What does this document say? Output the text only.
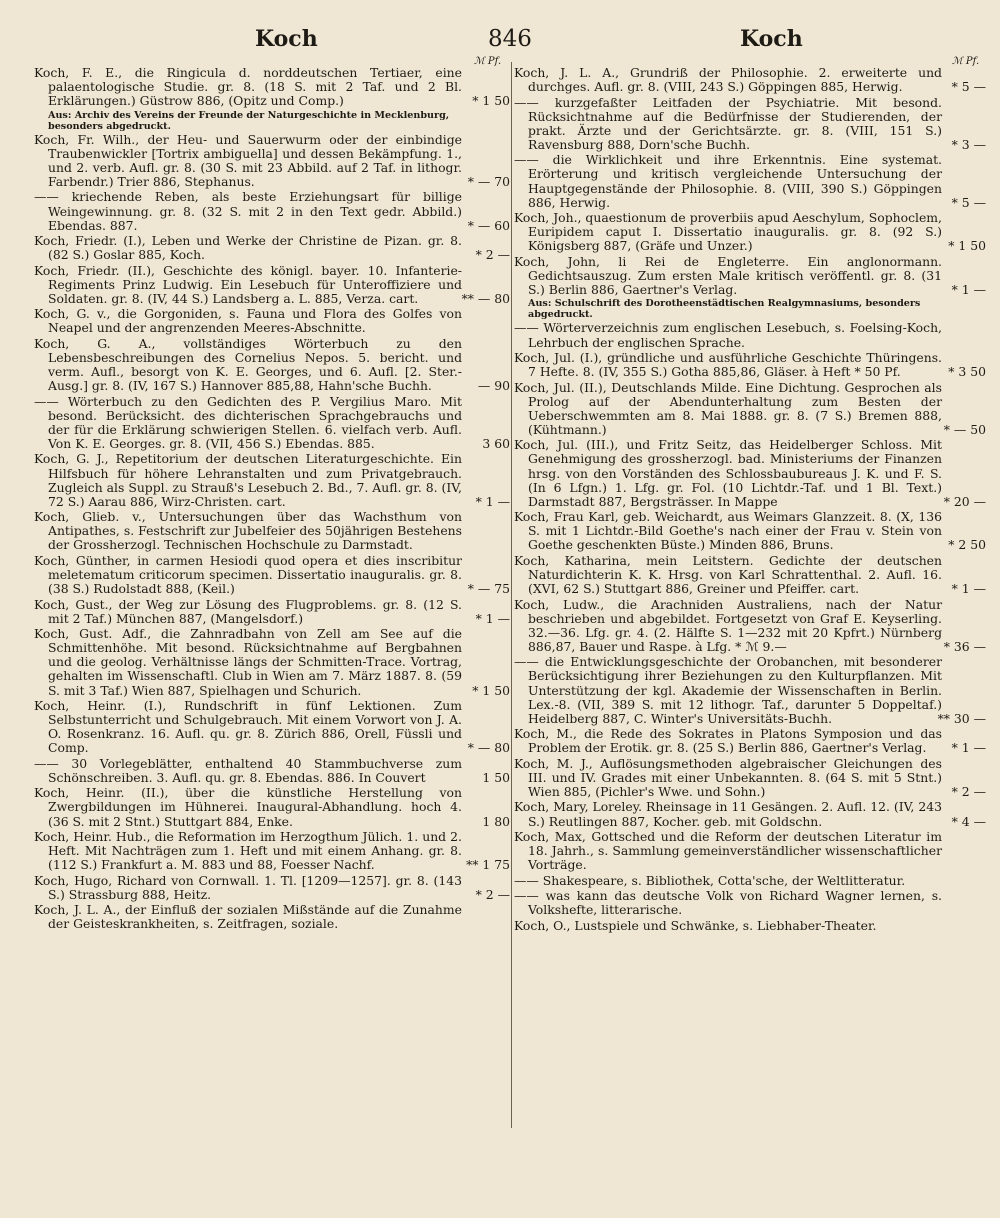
Koch	846	Koch
ℳ Pf.	ℳ Pf.
Koch, F. E., die Ringicula d. norddeutschen Tertiaer, eine palaentologische Studie. gr. 8. (18 S. mit 2 Taf. und 2 Bl. Erklärungen.) Güstrow 886, (Opitz und Comp.)	* 1 50
Aus: Archiv des Vereins der Freunde der Naturgeschichte in Mecklenburg, besonders abgedruckt.
Koch, Fr. Wilh., der Heu- und Sauerwurm oder der einbindige Traubenwickler [Tortrix ambiguella] und dessen Bekämpfung. 1., und 2. verb. Aufl. gr. 8. (30 S. mit 23 Abbild. auf 2 Taf. in lithogr. Farbendr.) Trier 886, Stephanus.	* — 70
—— kriechende Reben, als beste Erziehungsart für billige Weingewinnung. gr. 8. (32 S. mit 2 in den Text gedr. Abbild.) Ebendas. 887.	* — 60
Koch, Friedr. (I.), Leben und Werke der Christine de Pizan. gr. 8. (82 S.) Goslar 885, Koch.	* 2 —
Koch, Friedr. (II.), Geschichte des königl. bayer. 10. Infanterie-Regiments Prinz Ludwig. Ein Lesebuch für Unteroffiziere und Soldaten. gr. 8. (IV, 44 S.) Landsberg a. L. 885, Verza. cart.	** — 80
Koch, G. v., die Gorgoniden, s. Fauna und Flora des Golfes von Neapel und der angrenzenden Meeres-Abschnitte.
Koch, G. A., vollständiges Wörterbuch zu den Lebensbeschreibungen des Cornelius Nepos. 5. bericht. und verm. Aufl., besorgt von K. E. Georges, und 6. Aufl. [2. Ster.-Ausg.] gr. 8. (IV, 167 S.) Hannover 885,88, Hahn'sche Buchh.	— 90
—— Wörterbuch zu den Gedichten des P. Vergilius Maro. Mit besond. Berücksicht. des dichterischen Sprachgebrauchs und der für die Erklärung schwierigen Stellen. 6. vielfach verb. Aufl. Von K. E. Georges. gr. 8. (VII, 456 S.) Ebendas. 885.	3 60
Koch, G. J., Repetitorium der deutschen Literaturgeschichte. Ein Hilfsbuch für höhere Lehranstalten und zum Privatgebrauch. Zugleich als Suppl. zu Strauß's Lesebuch 2. Bd., 7. Aufl. gr. 8. (IV, 72 S.) Aarau 886, Wirz-Christen. cart.	* 1 —
Koch, Glieb. v., Untersuchungen über das Wachsthum von Antipathes, s. Festschrift zur Jubelfeier des 50jährigen Bestehens der Grossherzogl. Technischen Hochschule zu Darmstadt.
Koch, Günther, in carmen Hesiodi quod opera et dies inscribitur meletematum criticorum specimen. Dissertatio inauguralis. gr. 8. (38 S.) Rudolstadt 888, (Keil.)	* — 75
Koch, Gust., der Weg zur Lösung des Flugproblems. gr. 8. (12 S. mit 2 Taf.) München 887, (Mangelsdorf.)	* 1 —
Koch, Gust. Adf., die Zahnradbahn von Zell am See auf die Schmittenhöhe. Mit besond. Rücksichtnahme auf Bergbahnen und die geolog. Verhältnisse längs der Schmitten-Trace. Vortrag, gehalten im Wissenschaftl. Club in Wien am 7. März 1887. 8. (59 S. mit 3 Taf.) Wien 887, Spielhagen und Schurich.	* 1 50
Koch, Heinr. (I.), Rundschrift in fünf Lektionen. Zum Selbstunterricht und Schulgebrauch. Mit einem Vorwort von J. A. O. Rosenkranz. 16. Aufl. qu. gr. 8. Zürich 886, Orell, Füssli und Comp.	* — 80
—— 30 Vorlegeblätter, enthaltend 40 Stammbuchverse zum Schönschreiben. 3. Aufl. qu. gr. 8. Ebendas. 886. In Couvert	1 50
Koch, Heinr. (II.), über die künstliche Herstellung von Zwergbildungen im Hühnerei. Inaugural-Abhandlung. hoch 4. (36 S. mit 2 Stnt.) Stuttgart 884, Enke.	1 80
Koch, Heinr. Hub., die Reformation im Herzogthum Jülich. 1. und 2. Heft. Mit Nachträgen zum 1. Heft und mit einem Anhang. gr. 8. (112 S.) Frankfurt a. M. 883 und 88, Foesser Nachf.	** 1 75
Koch, Hugo, Richard von Cornwall. 1. Tl. [1209—1257]. gr. 8. (143 S.) Strassburg 888, Heitz.	* 2 —
Koch, J. L. A., der Einfluß der sozialen Mißstände auf die Zunahme der Geisteskrankheiten, s. Zeitfragen, soziale.
Koch, J. L. A., Grundriß der Philosophie. 2. erweiterte und durchges. Aufl. gr. 8. (VIII, 243 S.) Göppingen 885, Herwig.	* 5 —
—— kurzgefaßter Leitfaden der Psychiatrie. Mit besond. Rücksichtnahme auf die Bedürfnisse der Studierenden, der prakt. Ärzte und der Gerichtsärzte. gr. 8. (VIII, 151 S.) Ravensburg 888, Dorn'sche Buchh.	* 3 —
—— die Wirklichkeit und ihre Erkenntnis. Eine systemat. Erörterung und kritisch vergleichende Untersuchung der Hauptgegenstände der Philosophie. 8. (VIII, 390 S.) Göppingen 886, Herwig.	* 5 —
Koch, Joh., quaestionum de proverbiis apud Aeschylum, Sophoclem, Euripidem caput I. Dissertatio inauguralis. gr. 8. (92 S.) Königsberg 887, (Gräfe und Unzer.)	* 1 50
Koch, John, li Rei de Engleterre. Ein anglonormann. Gedichtsauszug. Zum ersten Male kritisch veröffentl. gr. 8. (31 S.) Berlin 886, Gaertner's Verlag.	* 1 —
Aus: Schulschrift des Dorotheenstädtischen Realgymnasiums, besonders abgedruckt.
—— Wörterverzeichnis zum englischen Lesebuch, s. Foelsing-Koch, Lehrbuch der englischen Sprache.
Koch, Jul. (I.), gründliche und ausführliche Geschichte Thüringens. 7 Hefte. 8. (IV, 355 S.) Gotha 885,86, Gläser. à Heft * 50 Pf.	* 3 50
Koch, Jul. (II.), Deutschlands Milde. Eine Dichtung. Gesprochen als Prolog auf der Abendunterhaltung zum Besten der Ueberschwemmten am 8. Mai 1888. gr. 8. (7 S.) Bremen 888, (Kühtmann.)	* — 50
Koch, Jul. (III.), und Fritz Seitz, das Heidelberger Schloss. Mit Genehmigung des grossherzogl. bad. Ministeriums der Finanzen hrsg. von den Vorständen des Schlossbaubureaus J. K. und F. S. (In 6 Lfgn.) 1. Lfg. gr. Fol. (10 Lichtdr.-Taf. und 1 Bl. Text.) Darmstadt 887, Bergsträsser. In Mappe	* 20 —
Koch, Frau Karl, geb. Weichardt, aus Weimars Glanzzeit. 8. (X, 136 S. mit 1 Lichtdr.-Bild Goethe's nach einer der Frau v. Stein von Goethe geschenkten Büste.) Minden 886, Bruns.	* 2 50
Koch, Katharina, mein Leitstern. Gedichte der deutschen Naturdichterin K. K. Hrsg. von Karl Schrattenthal. 2. Aufl. 16. (XVI, 62 S.) Stuttgart 886, Greiner und Pfeiffer. cart.	* 1 —
Koch, Ludw., die Arachniden Australiens, nach der Natur beschrieben und abgebildet. Fortgesetzt von Graf E. Keyserling. 32.—36. Lfg. gr. 4. (2. Hälfte S. 1—232 mit 20 Kpfrt.) Nürnberg 886,87, Bauer und Raspe. à Lfg. * ℳ 9.—	* 36 —
—— die Entwicklungsgeschichte der Orobanchen, mit besonderer Berücksichtigung ihrer Beziehungen zu den Kulturpflanzen. Mit Unterstützung der kgl. Akademie der Wissenschaften in Berlin. Lex.-8. (VII, 389 S. mit 12 lithogr. Taf., darunter 5 Doppeltaf.) Heidelberg 887, C. Winter's Universitäts-Buchh.	** 30 —
Koch, M., die Rede des Sokrates in Platons Symposion und das Problem der Erotik. gr. 8. (25 S.) Berlin 886, Gaertner's Verlag. * 1 —
Koch, M. J., Auflösungsmethoden algebraischer Gleichungen des III. und IV. Grades mit einer Unbekannten. 8. (64 S. mit 5 Stnt.) Wien 885, (Pichler's Wwe. und Sohn.)	* 2 —
Koch, Mary, Loreley. Rheinsage in 11 Gesängen. 2. Aufl. 12. (IV, 243 S.) Reutlingen 887, Kocher. geb. mit Goldschn.	* 4 —
Koch, Max, Gottsched und die Reform der deutschen Literatur im 18. Jahrh., s. Sammlung gemeinverständlicher wissenschaftlicher Vorträge.
—— Shakespeare, s. Bibliothek, Cotta'sche, der Weltlitteratur.
—— was kann das deutsche Volk von Richard Wagner lernen, s. Volkshefte, litterarische.
Koch, O., Lustspiele und Schwänke, s. Liebhaber-Theater.
